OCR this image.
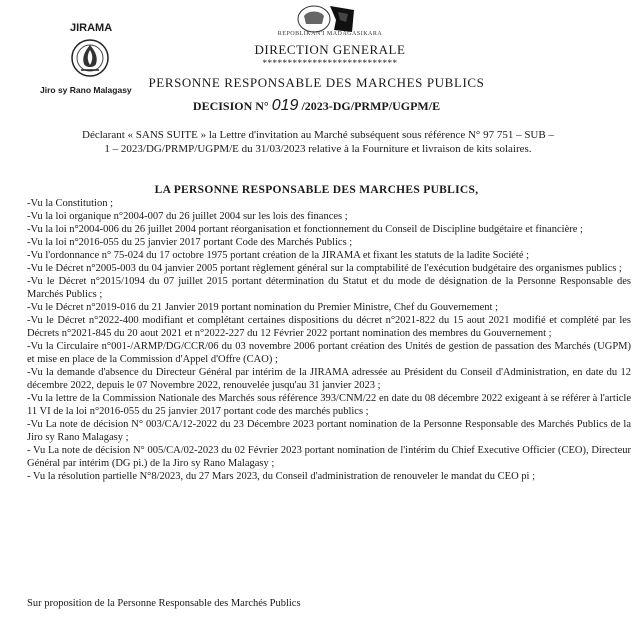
JIRAMA
Jiro sy Rano Malagasy
REPOBLIKAN'I MADAGASIKARA
DIRECTION GENERALE
***************************
PERSONNE RESPONSABLE DES MARCHES PUBLICS
DECISION N° 019 /2023-DG/PRMP/UGPM/E
Déclarant « SANS SUITE » la Lettre d'invitation au Marché subséquent sous référence N° 97 751 – SUB – 1 – 2023/DG/PRMP/UGPM/E du 31/03/2023 relative à la Fourniture et livraison de kits solaires.
LA PERSONNE RESPONSABLE DES MARCHES PUBLICS,
-Vu la Constitution ;
-Vu la loi organique n°2004-007 du 26 juillet 2004 sur les lois des finances ;
-Vu la loi n°2004-006 du 26 juillet 2004 portant réorganisation et fonctionnement du Conseil de Discipline budgétaire et financière ;
-Vu la loi n°2016-055 du 25 janvier 2017 portant Code des Marchés Publics ;
-Vu l'ordonnance n° 75-024 du 17 octobre 1975 portant création de la JIRAMA et fixant les statuts de la ladite Société ;
-Vu le Décret n°2005-003 du 04 janvier 2005 portant règlement général sur la comptabilité de l'exécution budgétaire des organismes publics ;
-Vu le Décret n°2015/1094 du 07 juillet 2015 portant détermination du Statut et du mode de désignation de la Personne Responsable des Marchés Publics ;
-Vu le Décret n°2019-016 du 21 Janvier 2019 portant nomination du Premier Ministre, Chef du Gouvernement ;
-Vu le Décret n°2022-400 modifiant et complétant certaines dispositions du décret n°2021-822 du 15 aout 2021 modifié et complété par les Décrets n°2021-845 du 20 aout 2021 et n°2022-227 du 12 Février 2022 portant nomination des membres du Gouvernement ;
-Vu la Circulaire n°001-/ARMP/DG/CCR/06 du 03 novembre 2006 portant création des Unités de gestion de passation des Marchés (UGPM) et mise en place de la Commission d'Appel d'Offre (CAO) ;
-Vu la demande d'absence du Directeur Général par intérim de la JIRAMA adressée au Président du Conseil d'Administration, en date du 12 décembre 2022, depuis le 07 Novembre 2022, renouvelée jusqu'au 31 janvier 2023 ;
-Vu la lettre de la Commission Nationale des Marchés sous référence 393/CNM/22 en date du 08 décembre 2022 exigeant à se référer à l'article 11 VI de la loi n°2016-055 du 25 janvier 2017 portant code des marchés publics ;
-Vu La note de décision N° 003/CA/12-2022 du 23 Décembre 2023 portant nomination de la Personne Responsable des Marchés Publics de la Jiro sy Rano Malagasy ;
- Vu La note de décision N° 005/CA/02-2023 du 02 Février 2023 portant nomination de l'intérim du Chief Executive Officier (CEO), Directeur Général par intérim (DG pi.) de la Jiro sy Rano Malagasy ;
- Vu la résolution partielle N°8/2023, du 27 Mars 2023, du Conseil d'administration de renouveler le mandat du CEO pi ;
Sur proposition de la Personne Responsable des Marchés Publics
